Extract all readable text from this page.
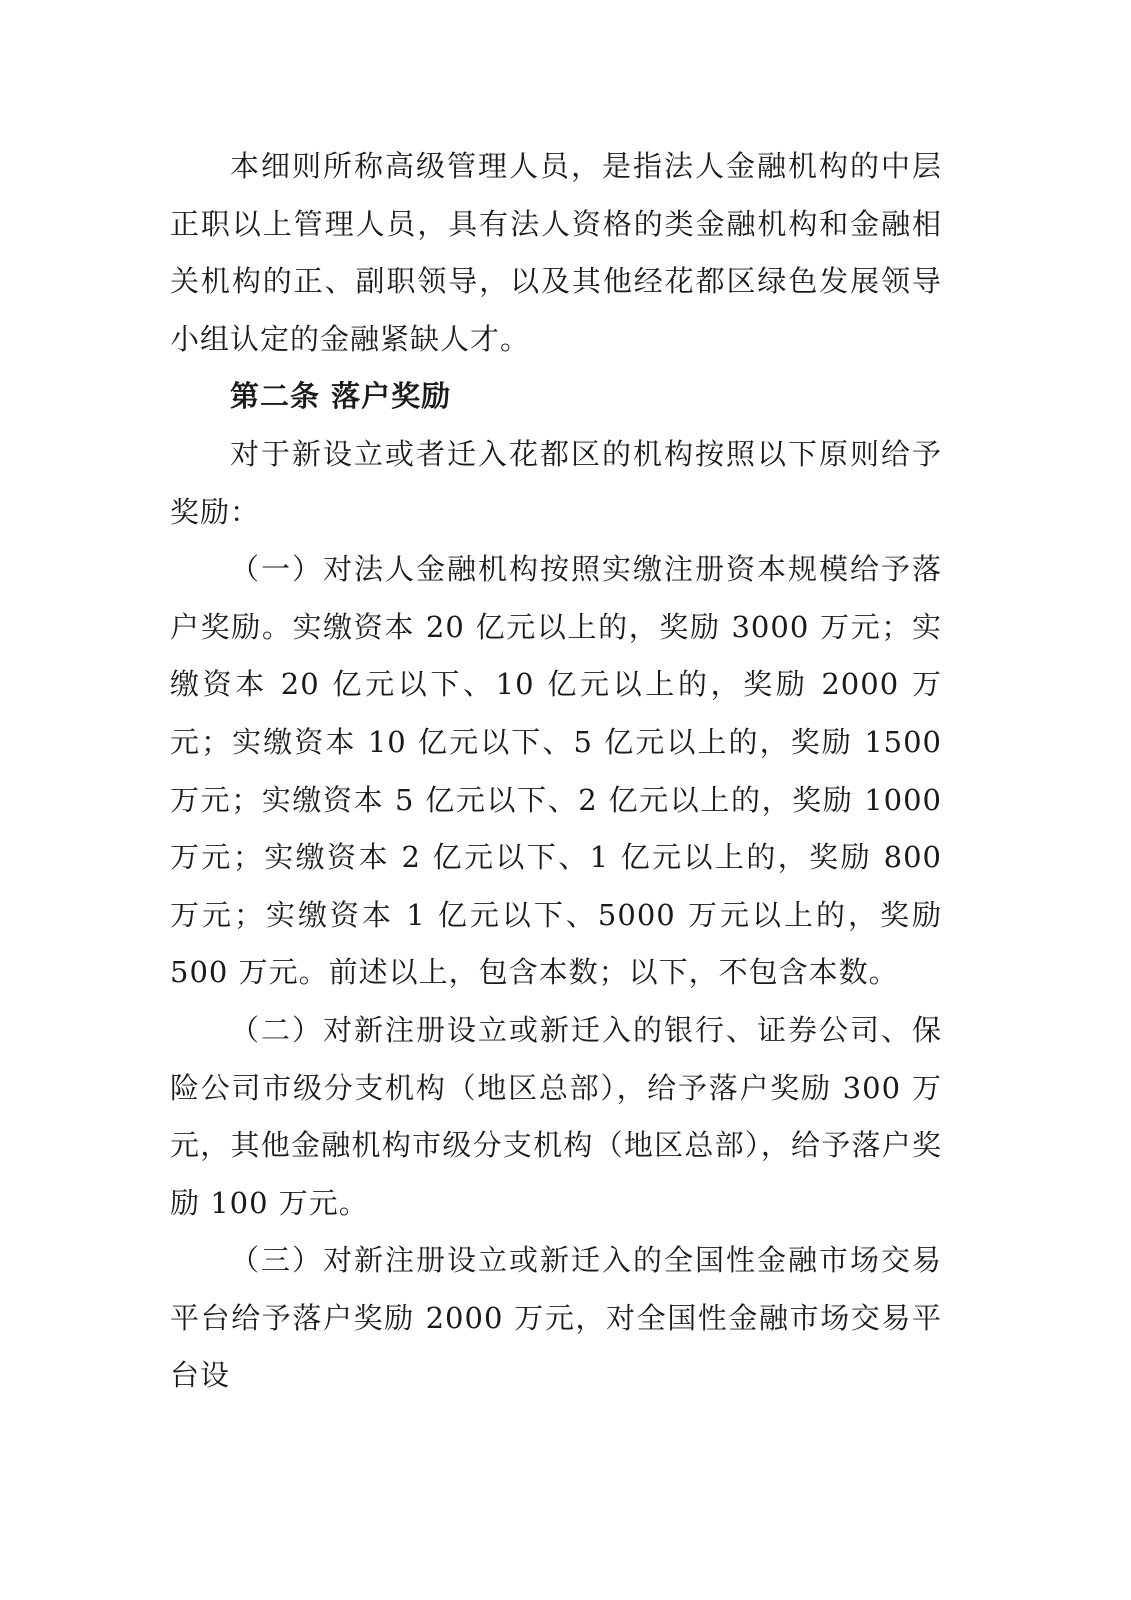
本细则所称高级管理人员，是指法人金融机构的中层正职以上管理人员，具有法人资格的类金融机构和金融相关机构的正、副职领导，以及其他经花都区绿色发展领导小组认定的金融紧缺人才。

第二条 落户奖励

对于新设立或者迁入花都区的机构按照以下原则给予奖励：

（一）对法人金融机构按照实缴注册资本规模给予落户奖励。实缴资本 20 亿元以上的，奖励 3000 万元；实缴资本 20 亿元以下、10 亿元以上的，奖励 2000 万元；实缴资本 10 亿元以下、5 亿元以上的，奖励 1500 万元；实缴资本 5 亿元以下、2 亿元以上的，奖励 1000 万元；实缴资本 2 亿元以下、1 亿元以上的，奖励 800 万元；实缴资本 1 亿元以下、5000 万元以上的，奖励 500 万元。前述以上，包含本数；以下，不包含本数。

（二）对新注册设立或新迁入的银行、证券公司、保险公司市级分支机构（地区总部），给予落户奖励 300 万元，其他金融机构市级分支机构（地区总部），给予落户奖励 100 万元。

（三）对新注册设立或新迁入的全国性金融市场交易平台给予落户奖励 2000 万元，对全国性金融市场交易平台设
